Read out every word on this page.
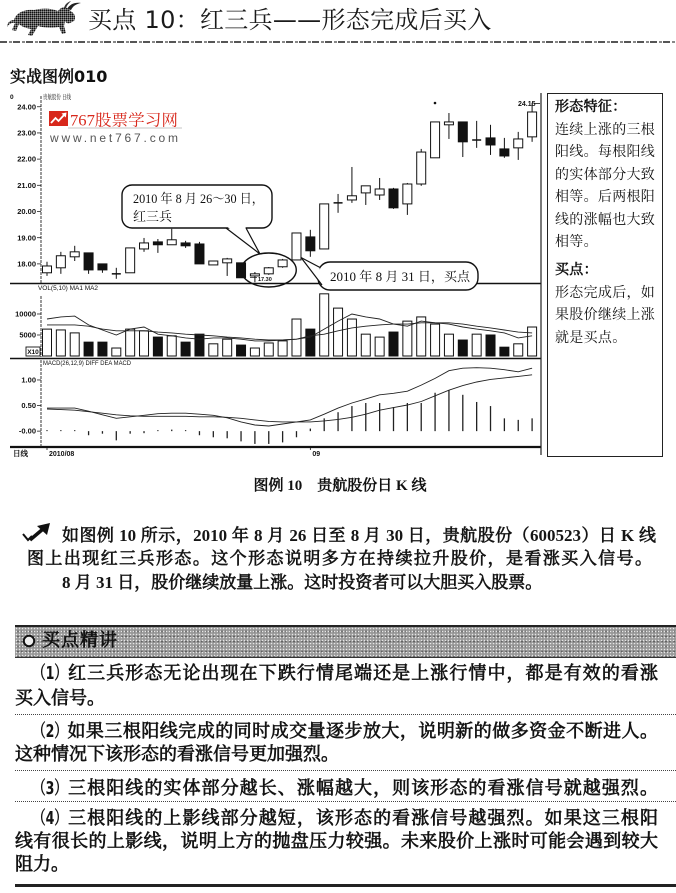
买点 10：红三兵——形态完成后买入
实战图例010
767股票学习网
www.net767.com
0	贵航股份 日线
VOL(5,10) MA1 MA2
MACD(26,12,9) DIFF DEA MACD
X10
日线	2010/08	09
24.00
23.00
22.00
21.00
20.00
19.00
18.00
10000
5000
1.00
0.50
-0.00
24.15
17.30
2010 年 8 月 26～30 日，
红三兵
2010 年 8 月 31 日，买点
形态特征：
连续上涨的三根
阳线。每根阳线
的实体部分大致
相等。后两根阳
线的涨幅也大致
相等。
买点：
形态完成后，如
果股价继续上涨
就是买点。
图例 10　贵航股份日 K 线
如图例 10 所示，2010 年 8 月 26 日至 8 月 30 日，贵航股份（600523）日 K 线
图上出现红三兵形态。这个形态说明多方在持续拉升股价，是看涨买入信号。
8 月 31 日，股价继续放量上涨。这时投资者可以大胆买入股票。
买点精讲
（1）红三兵形态无论出现在下跌行情尾端还是上涨行情中，都是有效的看涨
买入信号。
（2）如果三根阳线完成的同时成交量逐步放大，说明新的做多资金不断进人。
这种情况下该形态的看涨信号更加强烈。
（3）三根阳线的实体部分越长、涨幅越大，则该形态的看涨信号就越强烈。
（4）三根阳线的上影线部分越短，该形态的看涨信号越强烈。如果这三根阳
线有很长的上影线，说明上方的抛盘压力较强。未来股价上涨时可能会遇到较大
阻力。
